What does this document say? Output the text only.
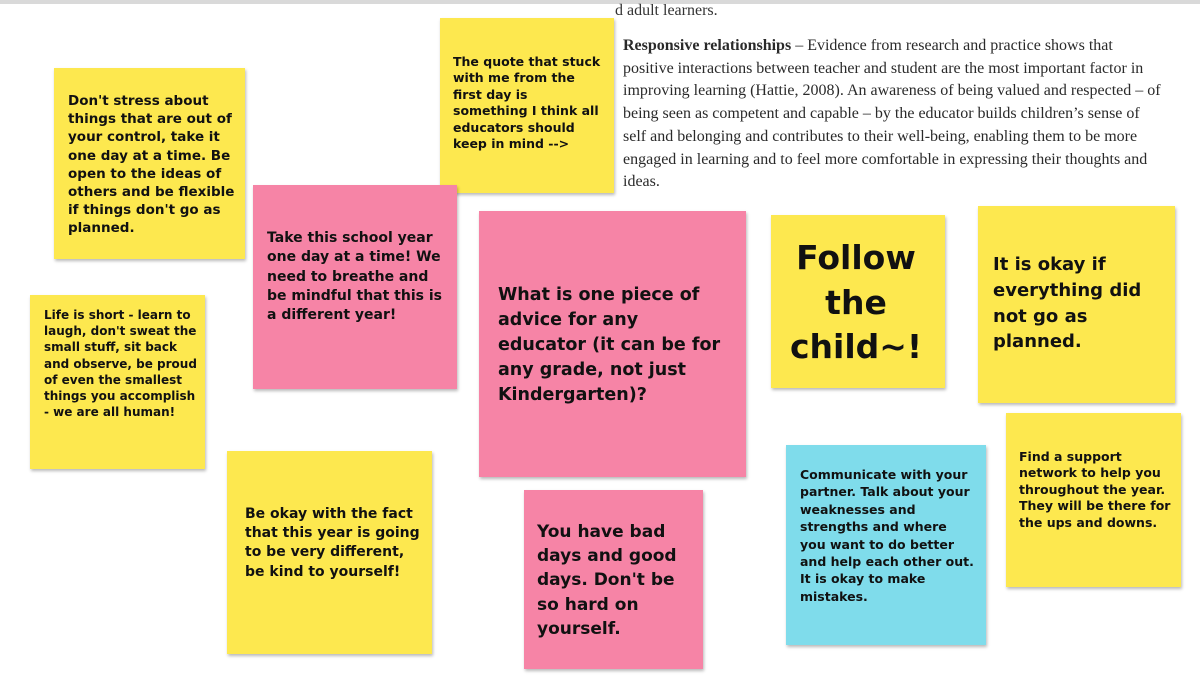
d adult learners.
Responsive relationships – Evidence from research and practice shows that positive interactions between teacher and student are the most important factor in improving learning (Hattie, 2008). An awareness of being valued and respected – of being seen as competent and capable – by the educator builds children’s sense of self and belonging and contributes to their well-being, enabling them to be more engaged in learning and to feel more comfortable in expressing their thoughts and ideas.
Don't stress about things that are out of your control, take it one day at a time. Be open to the ideas of others and be flexible if things don't go as planned.
The quote that stuck with me from the first day is something I think all educators should keep in mind -->
Take this school year one day at a time! We need to breathe and be mindful that this is a different year!
Life is short - learn to laugh, don't sweat the small stuff, sit back and observe, be proud of even the smallest things you accomplish - we are all human!
What is one piece of advice for any educator (it can be for any grade, not just Kindergarten)?
Follow the child~!
It is okay if everything did not go as planned.
Be okay with the fact that this year is going to be very different, be kind to yourself!
You have bad days and good days. Don't be so hard on yourself.
Communicate with your partner. Talk about your weaknesses and strengths and where you want to do better and help each other out. It is okay to make mistakes.
Find a support network to help you throughout the year. They will be there for the ups and downs.
